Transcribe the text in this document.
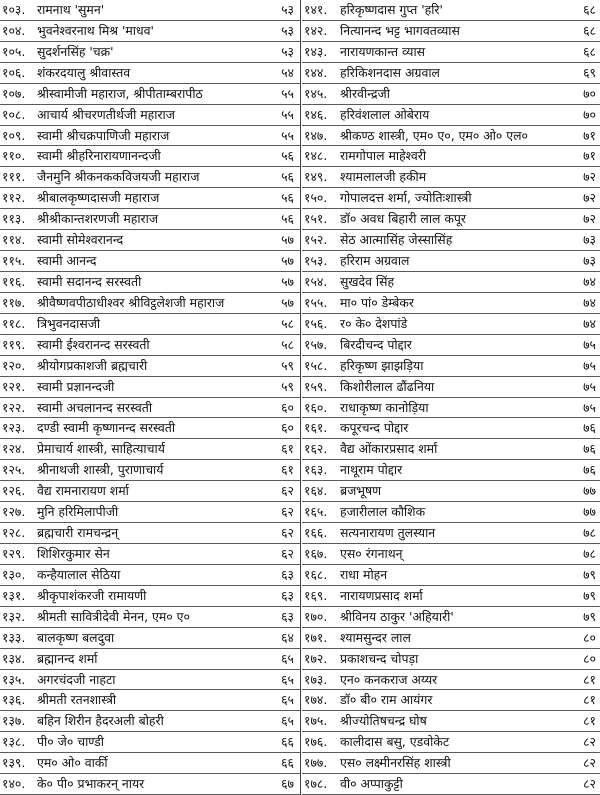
१०३. रामनाथ 'सुमन'	५३
१०४. भुवनेश्वरनाथ मिश्र 'माधव'	५३
१०५. सुदर्शनसिंह 'चक्र'	५३
१०६. शंकरदयालु श्रीवास्तव	५४
१०७. श्रीस्वामीजी महाराज, श्रीपीताम्बरापीठ	५५
१०८. आचार्य श्रीचरणतीर्थजी महाराज	५५
१०९. स्वामी श्रीचक्रपाणिजी महाराज	५५
११०. स्वामी श्रीहरिनारायणानन्दजी	५६
१११. जैनमुनि श्रीकनककविजयजी महाराज	५६
११२. श्रीबालकृष्णदासजी महाराज	५६
११३. श्रीश्रीकान्तशरणजी महाराज	५६
११४. स्वामी सोमेश्वरानन्द	५७
११५. स्वामी आनन्द	५७
११६. स्वामी सदानन्द सरस्वती	५७
११७. श्रीवैष्णवपीठाधीश्वर श्रीविट्ठलेशजी महाराज	५७
११८. त्रिभुवनदासजी	५८
११९. स्वामी ईश्वरानन्द सरस्वती	५८
१२०. श्रीयोगप्रकाशजी ब्रह्मचारी	५९
१२१. स्वामी प्रज्ञानन्दजी	५९
१२२. स्वामी अचलानन्द सरस्वती	६०
१२३. दण्डी स्वामी कृष्णानन्द सरस्वती	६०
१२४. प्रेमाचार्य शास्त्री, साहित्याचार्य	६१
१२५. श्रीनाथजी शास्त्री, पुराणाचार्य	६१
१२६. वैद्य रामनारायण शर्मा	६२
१२७. मुनि हरिमिलापीजी	६२
१२८. ब्रह्मचारी रामचन्द्रन्	६२
१२९. शिशिरकुमार सेन	६२
१३०. कन्हैयालाल सेठिया	६३
१३१. श्रीकृपाशंकरजी रामायणी	६३
१३२. श्रीमती सावित्रीदेवी मेनन, एम० ए०	६३
१३३. बालकृष्ण बलदुवा	६४
१३४. ब्रह्मानन्द शर्मा	६५
१३५. अगरचंदजी नाहटा	६५
१३६. श्रीमती रतनशास्त्री	६५
१३७. बहिन शिरीन हैदरअली बोहरी	६५
१३८. पी० जे० चाण्डी	६६
१३९. एम० ओ० वार्की	६६
१४०. के० पी० प्रभाकरन् नायर	६७
१४१. हरिकृष्णदास गुप्त 'हरि'	६८
१४२. नित्यानन्द भट्ट भागवतव्यास	६८
१४३. नारायणकान्त व्यास	६८
१४४. हरिकिशनदास अग्रवाल	६९
१४५. श्रीरवीन्द्रजी	७०
१४६. हरिवंशलाल ओबेराय	७०
१४७. श्रीकण्ठ शास्त्री, एम० ए०, एम० ओ० एल०	७१
१४८. रामगोपाल माहेश्वरी	७१
१४९. श्यामलालजी हकीम	७२
१५०. गोपालदत्त शर्मा, ज्योतिःशास्त्री	७२
१५१. डॉ० अवध बिहारी लाल कपूर	७२
१५२. सेठ आत्मासिंह जेस्सासिंह	७३
१५३. हरिराम अग्रवाल	७३
१५४. सुखदेव सिंह	७४
१५५. मा० पां० डेम्बेकर	७४
१५६. र० के० देशपांडे	७४
१५७. बिरदीचन्द पोद्दार	७५
१५८. हरिकृष्ण झाझड़िया	७५
१५९. किशोरीलाल ढौंढनिया	७५
१६०. राधाकृष्ण कानोड़िया	७५
१६१. कपूरचन्द पोद्दार	७६
१६२. वैद्य ओंकारप्रसाद शर्मा	७६
१६३. नाथूराम पोद्दार	७६
१६४. ब्रजभूषण	७७
१६५. हजारीलाल कौशिक	७७
१६६. सत्यनारायण तुलस्यान	७८
१६७. एस० रंगनाथन्	७८
१६८. राधा मोहन	७९
१६९. नारायणप्रसाद शर्मा	७९
१७०. श्रीविनय ठाकुर 'अहियारी'	७९
१७१. श्यामसुन्दर लाल	८०
१७२. प्रकाशचन्द चोपड़ा	८०
१७३. एन० कनकराज अय्यर	८१
१७४. डॉ० बी० राम आयंगर	८१
१७५. श्रीज्योतिषचन्द्र घोष	८१
१७६. कालीदास बसु, एडवोकेट	८२
१७७. एस० लक्ष्मीनरसिंह शास्त्री	८२
१७८. वी० अप्पाकुट्टी	८२
